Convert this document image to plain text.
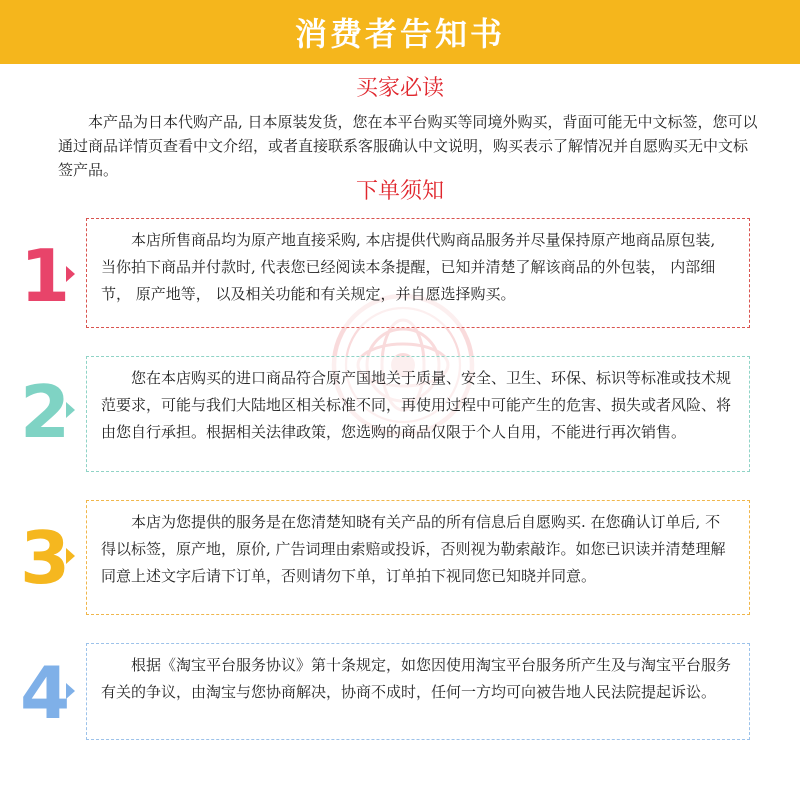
消费者告知书
买家必读

本产品为日本代购产品, 日本原装发货，您在本平台购买等同境外购买，背面可能无中文标签，您可以通过商品详情页查看中文介绍，或者直接联系客服确认中文说明，购买表示了解情况并自愿购买无中文标签产品。

下单须知
1	本店所售商品均为原产地直接采购, 本店提供代购商品服务并尽量保持原产地商品原包装, 当你拍下商品并付款时, 代表您已经阅读本条提醒，已知并清楚了解该商品的外包装， 内部细节， 原产地等， 以及相关功能和有关规定，并自愿选择购买。

2	您在本店购买的进口商品符合原产国地关于质量、安全、卫生、环保、标识等标准或技术规范要求，可能与我们大陆地区相关标准不同，再使用过程中可能产生的危害、损失或者风险、将由您自行承担。根据相关法律政策，您选购的商品仅限于个人自用，不能进行再次销售。

3	本店为您提供的服务是在您清楚知晓有关产品的所有信息后自愿购买. 在您确认订单后, 不得以标签，原产地，原价, 广告词理由索赔或投诉，否则视为勒索敲诈。如您已识读并清楚理解同意上述文字后请下订单，否则请勿下单，订单拍下视同您已知晓并同意。

4	根据《淘宝平台服务协议》第十条规定，如您因使用淘宝平台服务所产生及与淘宝平台服务有关的争议，由淘宝与您协商解决，协商不成时，任何一方均可向被告地人民法院提起诉讼。
